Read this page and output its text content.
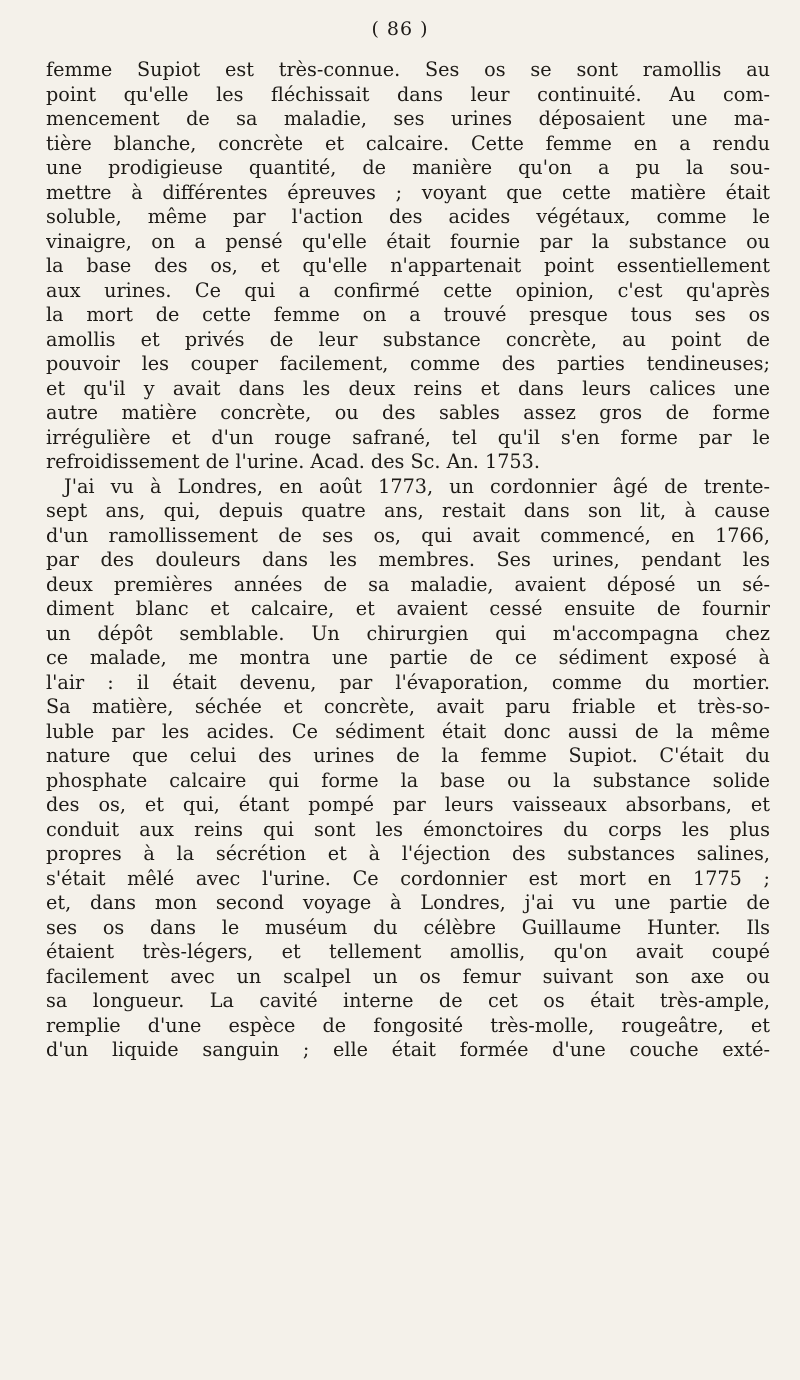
( 86 )
femme Supiot est très-connue. Ses os se sont ramollis au
point qu'elle les fléchissait dans leur continuité. Au com-
mencement de sa maladie, ses urines déposaient une ma-
tière blanche, concrète et calcaire. Cette femme en a rendu
une prodigieuse quantité, de manière qu'on a pu la sou-
mettre à différentes épreuves ; voyant que cette matière était
soluble, même par l'action des acides végétaux, comme le
vinaigre, on a pensé qu'elle était fournie par la substance ou
la base des os, et qu'elle n'appartenait point essentiellement
aux urines. Ce qui a confirmé cette opinion, c'est qu'après
la mort de cette femme on a trouvé presque tous ses os
amollis et privés de leur substance concrète, au point de
pouvoir les couper facilement, comme des parties tendineuses;
et qu'il y avait dans les deux reins et dans leurs calices une
autre matière concrète, ou des sables assez gros de forme
irrégulière et d'un rouge safrané, tel qu'il s'en forme par le
refroidissement de l'urine. Acad. des Sc. An. 1753.
J'ai vu à Londres, en août 1773, un cordonnier âgé de trente-
sept ans, qui, depuis quatre ans, restait dans son lit, à cause
d'un ramollissement de ses os, qui avait commencé, en 1766,
par des douleurs dans les membres. Ses urines, pendant les
deux premières années de sa maladie, avaient déposé un sé-
diment blanc et calcaire, et avaient cessé ensuite de fournir
un dépôt semblable. Un chirurgien qui m'accompagna chez
ce malade, me montra une partie de ce sédiment exposé à
l'air : il était devenu, par l'évaporation, comme du mortier.
Sa matière, séchée et concrète, avait paru friable et très-so-
luble par les acides. Ce sédiment était donc aussi de la même
nature que celui des urines de la femme Supiot. C'était du
phosphate calcaire qui forme la base ou la substance solide
des os, et qui, étant pompé par leurs vaisseaux absorbans, et
conduit aux reins qui sont les émonctoires du corps les plus
propres à la sécrétion et à l'éjection des substances salines,
s'était mêlé avec l'urine. Ce cordonnier est mort en 1775 ;
et, dans mon second voyage à Londres, j'ai vu une partie de
ses os dans le muséum du célèbre Guillaume Hunter. Ils
étaient très-légers, et tellement amollis, qu'on avait coupé
facilement avec un scalpel un os femur suivant son axe ou
sa longueur. La cavité interne de cet os était très-ample,
remplie d'une espèce de fongosité très-molle, rougeâtre, et
d'un liquide sanguin ; elle était formée d'une couche exté-
